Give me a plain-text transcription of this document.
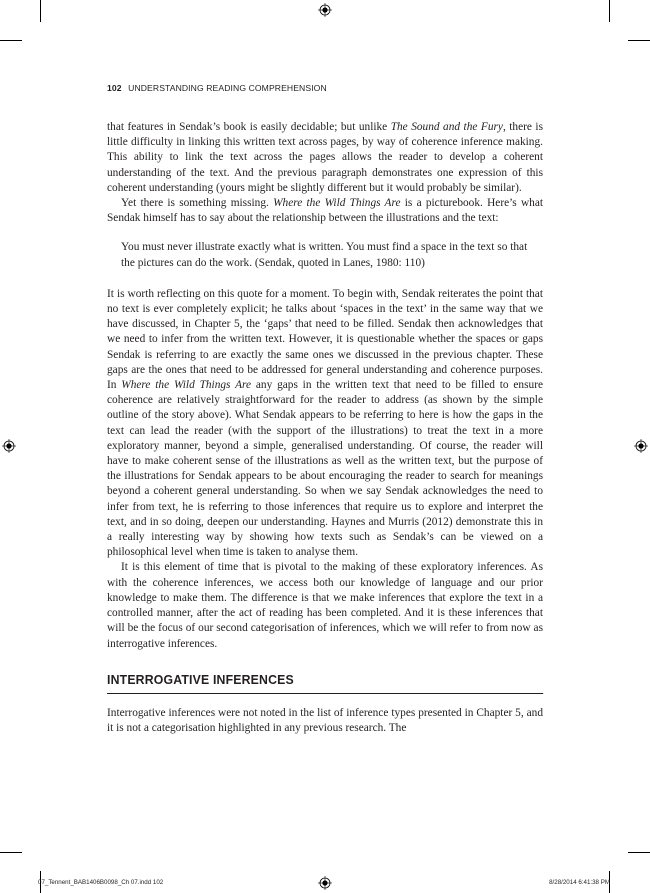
102 UNDERSTANDING READING COMPREHENSION

that features in Sendak’s book is easily decidable; but unlike The Sound and the Fury, there is little difficulty in linking this written text across pages, by way of coherence inference making. This ability to link the text across the pages allows the reader to develop a coherent understanding of the text. And the previous paragraph demonstrates one expression of this coherent understanding (yours might be slightly different but it would probably be similar).

Yet there is something missing. Where the Wild Things Are is a picturebook. Here’s what Sendak himself has to say about the relationship between the illustrations and the text:

You must never illustrate exactly what is written. You must find a space in the text so that the pictures can do the work. (Sendak, quoted in Lanes, 1980: 110)

It is worth reflecting on this quote for a moment. To begin with, Sendak reiterates the point that no text is ever completely explicit; he talks about ‘spaces in the text’ in the same way that we have discussed, in Chapter 5, the ‘gaps’ that need to be filled. Sendak then acknowledges that we need to infer from the written text. However, it is questionable whether the spaces or gaps Sendak is referring to are exactly the same ones we discussed in the previous chapter. These gaps are the ones that need to be addressed for general understanding and coherence purposes. In Where the Wild Things Are any gaps in the written text that need to be filled to ensure coherence are relatively straightforward for the reader to address (as shown by the simple outline of the story above). What Sendak appears to be referring to here is how the gaps in the text can lead the reader (with the support of the illustrations) to treat the text in a more exploratory manner, beyond a simple, generalised understanding. Of course, the reader will have to make coherent sense of the illustrations as well as the written text, but the purpose of the illustrations for Sendak appears to be about encouraging the reader to search for meanings beyond a coherent general understanding. So when we say Sendak acknowledges the need to infer from text, he is referring to those inferences that require us to explore and interpret the text, and in so doing, deepen our understanding. Haynes and Murris (2012) demonstrate this in a really interesting way by showing how texts such as Sendak’s can be viewed on a philosophical level when time is taken to analyse them.

It is this element of time that is pivotal to the making of these exploratory inferences. As with the coherence inferences, we access both our knowledge of language and our prior knowledge to make them. The difference is that we make inferences that explore the text in a controlled manner, after the act of reading has been completed. And it is these inferences that will be the focus of our second categorisation of inferences, which we will refer to from now as interrogative inferences.

INTERROGATIVE INFERENCES

Interrogative inferences were not noted in the list of inference types presented in Chapter 5, and it is not a categorisation highlighted in any previous research. The

07_Tennent_BAB1406B0098_Ch 07.indd 102	8/28/2014 6:41:38 PM
